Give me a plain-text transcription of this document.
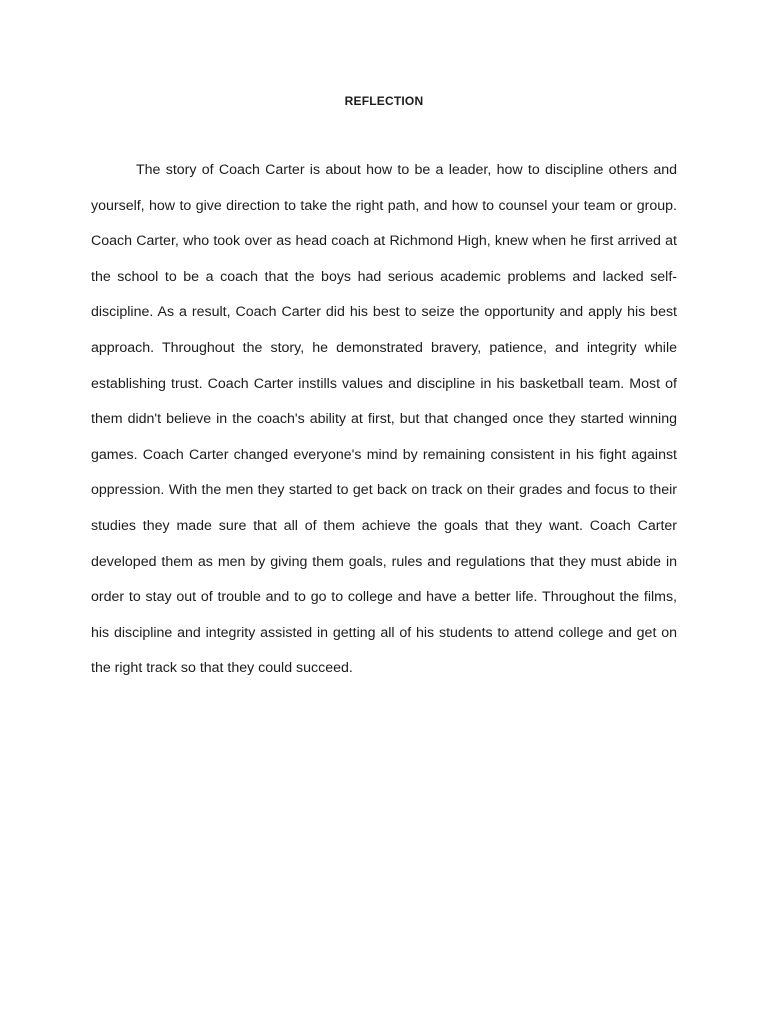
REFLECTION

The story of Coach Carter is about how to be a leader, how to discipline others and yourself, how to give direction to take the right path, and how to counsel your team or group. Coach Carter, who took over as head coach at Richmond High, knew when he first arrived at the school to be a coach that the boys had serious academic problems and lacked self-discipline. As a result, Coach Carter did his best to seize the opportunity and apply his best approach. Throughout the story, he demonstrated bravery, patience, and integrity while establishing trust. Coach Carter instills values and discipline in his basketball team. Most of them didn't believe in the coach's ability at first, but that changed once they started winning games. Coach Carter changed everyone's mind by remaining consistent in his fight against oppression. With the men they started to get back on track on their grades and focus to their studies they made sure that all of them achieve the goals that they want. Coach Carter developed them as men by giving them goals, rules and regulations that they must abide in order to stay out of trouble and to go to college and have a better life. Throughout the films, his discipline and integrity assisted in getting all of his students to attend college and get on the right track so that they could succeed.
